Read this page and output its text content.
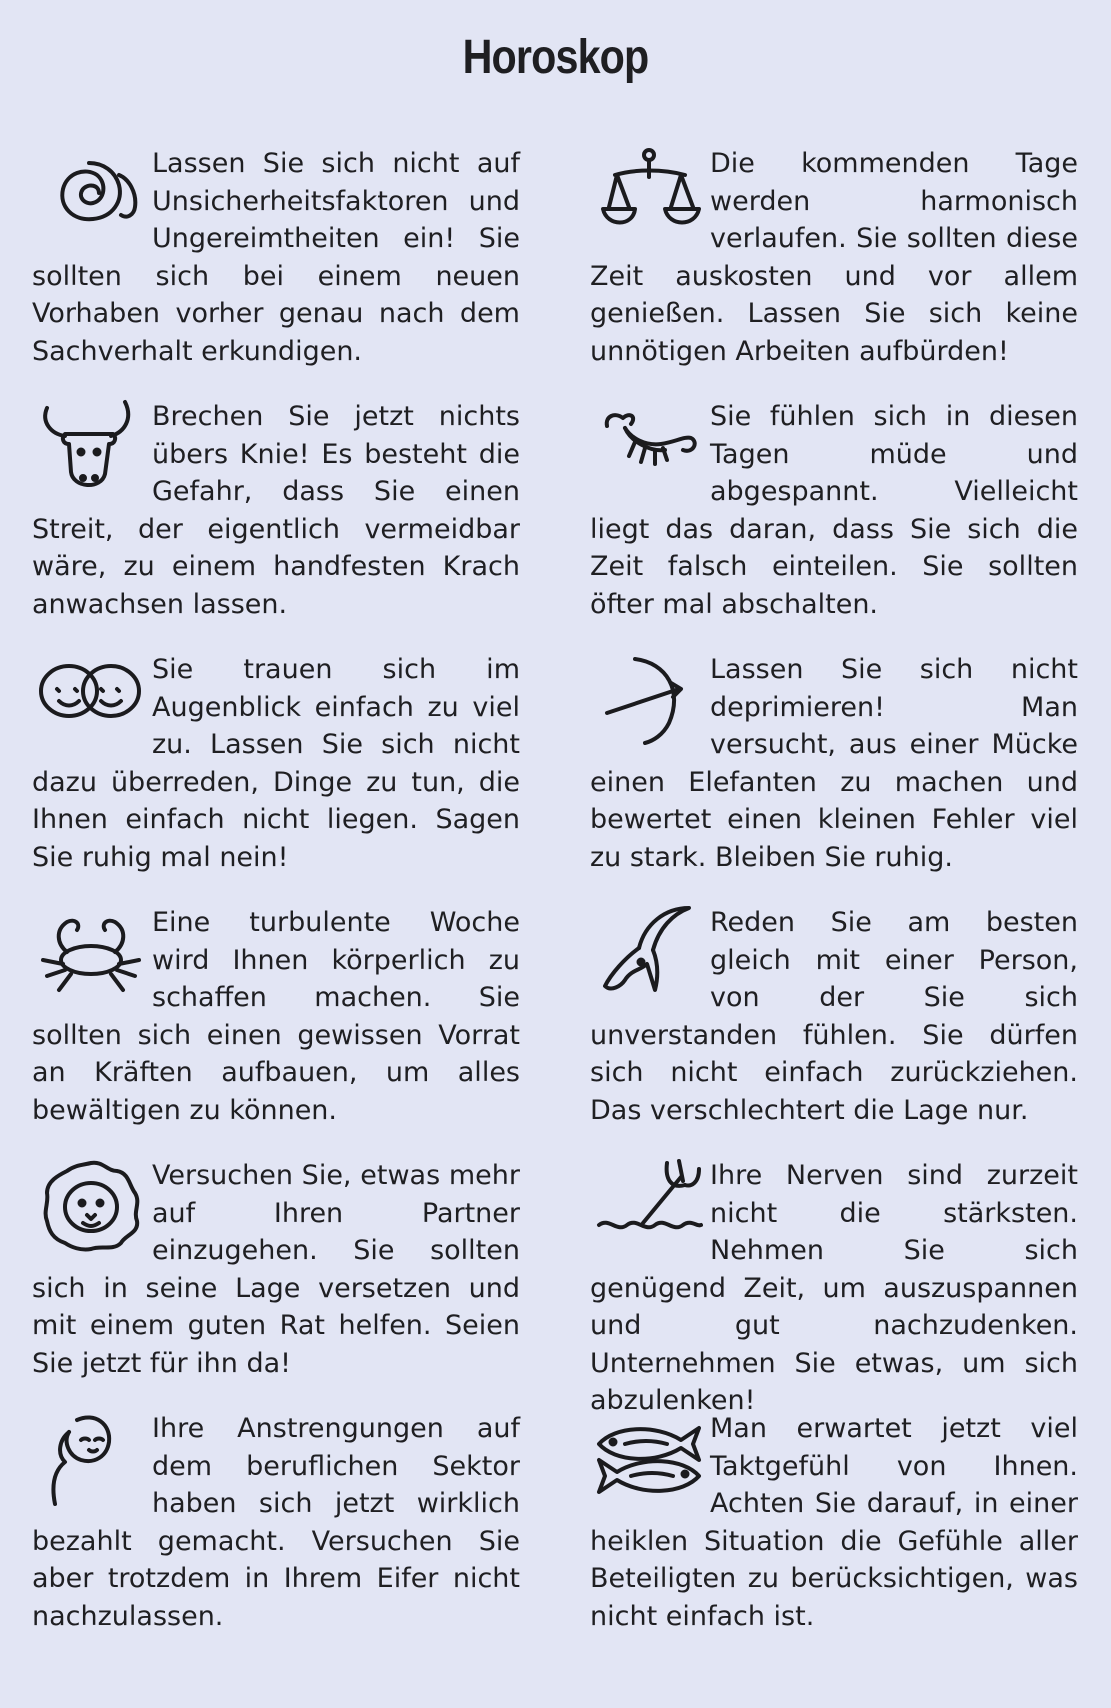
Horoskop

Lassen Sie sich nicht auf Unsicherheitsfaktoren und Ungereimtheiten ein! Sie sollten sich bei einem neuen Vorhaben vorher genau nach dem Sachverhalt erkundigen.

Brechen Sie jetzt nichts übers Knie! Es besteht die Gefahr, dass Sie einen Streit, der eigentlich vermeidbar wäre, zu einem handfesten Krach anwachsen lassen.

Sie trauen sich im Augenblick einfach zu viel zu. Lassen Sie sich nicht dazu überreden, Dinge zu tun, die Ihnen einfach nicht liegen. Sagen Sie ruhig mal nein!

Eine turbulente Woche wird Ihnen körperlich zu schaffen machen. Sie sollten sich einen gewissen Vorrat an Kräften aufbauen, um alles bewältigen zu können.

Versuchen Sie, etwas mehr auf Ihren Partner einzugehen. Sie sollten sich in seine Lage versetzen und mit einem guten Rat helfen. Seien Sie jetzt für ihn da!

Ihre Anstrengungen auf dem beruflichen Sektor haben sich jetzt wirklich bezahlt gemacht. Versuchen Sie aber trotzdem in Ihrem Eifer nicht nachzulassen.

Die kommenden Tage werden harmonisch verlaufen. Sie sollten diese Zeit auskosten und vor allem genießen. Lassen Sie sich keine unnötigen Arbeiten aufbürden!

Sie fühlen sich in diesen Tagen müde und abgespannt. Vielleicht liegt das daran, dass Sie sich die Zeit falsch einteilen. Sie sollten öfter mal abschalten.

Lassen Sie sich nicht deprimieren! Man versucht, aus einer Mücke einen Elefanten zu machen und bewertet einen kleinen Fehler viel zu stark. Bleiben Sie ruhig.

Reden Sie am besten gleich mit einer Person, von der Sie sich unverstanden fühlen. Sie dürfen sich nicht einfach zurückziehen. Das verschlechtert die Lage nur.

Ihre Nerven sind zurzeit nicht die stärksten. Nehmen Sie sich genügend Zeit, um auszuspannen und gut nachzudenken. Unternehmen Sie etwas, um sich abzulenken!

Man erwartet jetzt viel Taktgefühl von Ihnen. Achten Sie darauf, in einer heiklen Situation die Gefühle aller Beteiligten zu berücksichtigen, was nicht einfach ist.
